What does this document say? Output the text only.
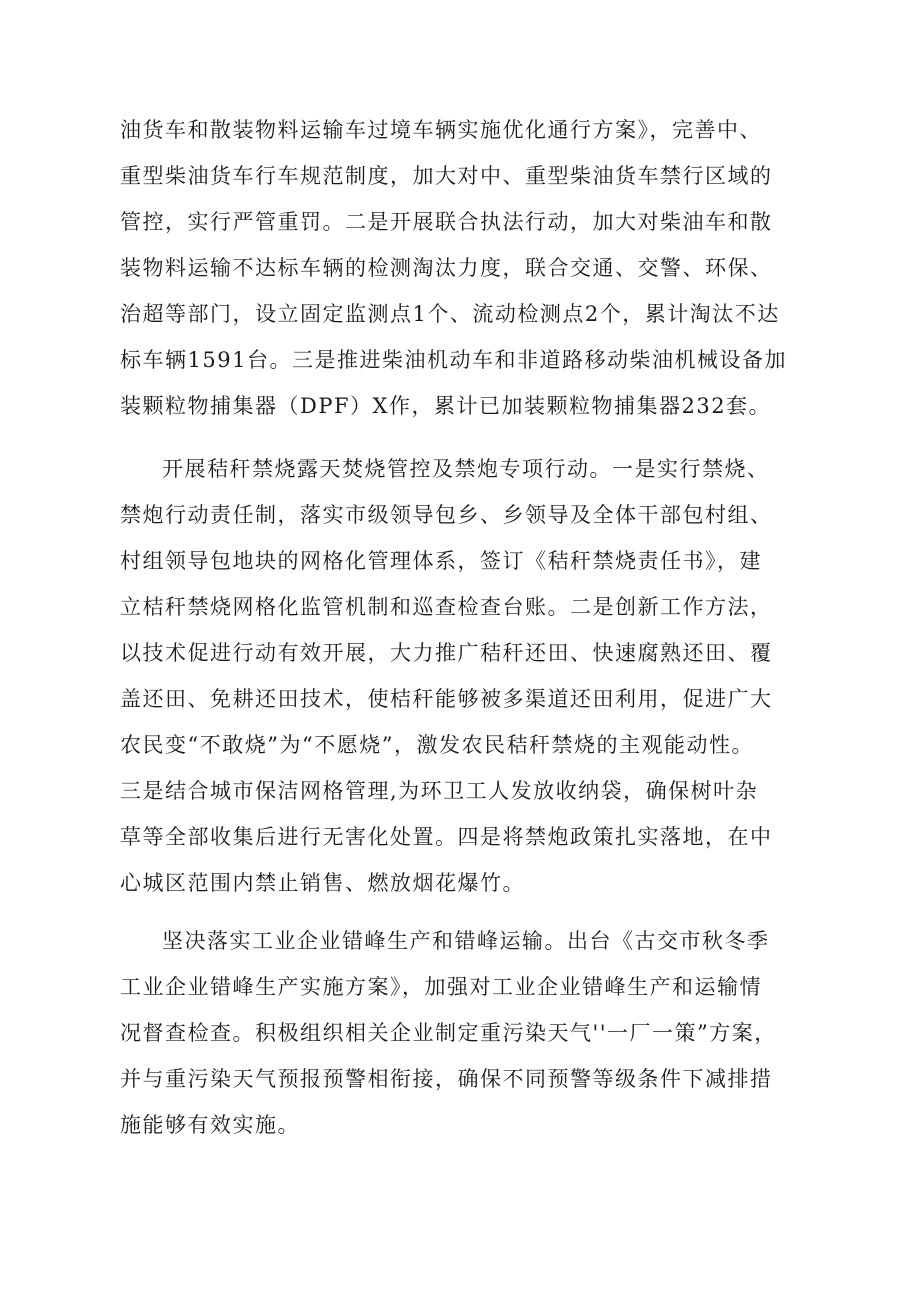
油货车和散装物料运输车过境车辆实施优化通行方案》，完善中、
重型柴油货车行车规范制度，加大对中、重型柴油货车禁行区域的
管控，实行严管重罚。二是开展联合执法行动，加大对柴油车和散
装物料运输不达标车辆的检测淘汰力度，联合交通、交警、环保、
治超等部门，设立固定监测点1个、流动检测点2个，累计淘汰不达
标车辆1591台。三是推进柴油机动车和非道路移动柴油机械设备加
装颗粒物捕集器（DPF）X作，累计已加装颗粒物捕集器232套。
开展秸秆禁烧露天焚烧管控及禁炮专项行动。一是实行禁烧、
禁炮行动责任制，落实市级领导包乡、乡领导及全体干部包村组、
村组领导包地块的网格化管理体系，签订《秸秆禁烧责任书》，建
立桔秆禁烧网格化监管机制和巡查检查台账。二是创新工作方法，
以技术促进行动有效开展，大力推广秸秆还田、快速腐熟还田、覆
盖还田、免耕还田技术，使桔秆能够被多渠道还田利用，促进广大
农民变“不敢烧”为“不愿烧”，激发农民秸秆禁烧的主观能动性。
三是结合城市保洁网格管理,为环卫工人发放收纳袋，确保树叶杂
草等全部收集后进行无害化处置。四是将禁炮政策扎实落地，在中
心城区范围内禁止销售、燃放烟花爆竹。
坚决落实工业企业错峰生产和错峰运输。出台《古交市秋冬季
工业企业错峰生产实施方案》，加强对工业企业错峰生产和运输情
况督查检查。积极组织相关企业制定重污染天气''一厂一策”方案，
并与重污染天气预报预警相衔接，确保不同预警等级条件下减排措
施能够有效实施。
